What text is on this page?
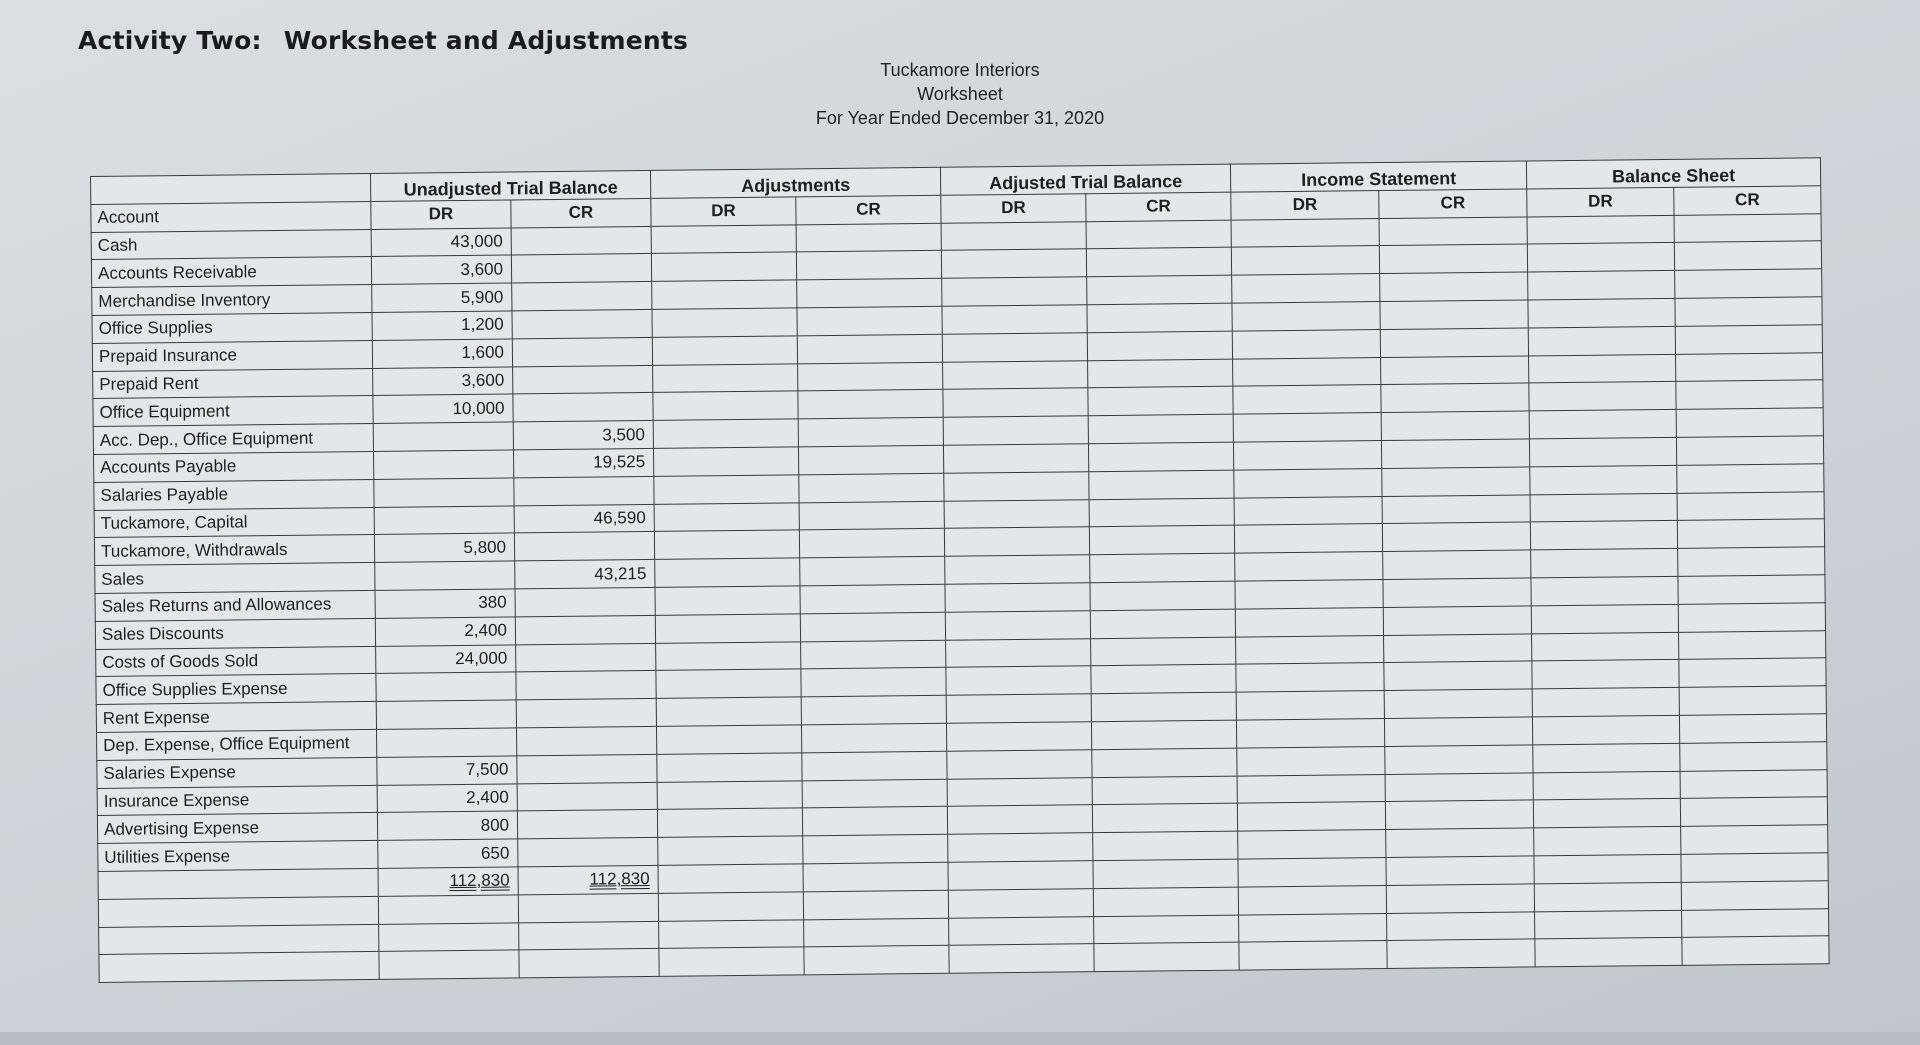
Activity Two: Worksheet and Adjustments
Tuckamore Interiors
Worksheet
For Year Ended December 31, 2020
	Unadjusted Trial Balance		Adjustments		Adjusted Trial Balance		Income Statement		Balance Sheet	
Account	DR	CR	DR	CR	DR	CR	DR	CR	DR	CR
Cash	43,000									
Accounts Receivable	3,600									
Merchandise Inventory	5,900									
Office Supplies	1,200									
Prepaid Insurance	1,600									
Prepaid Rent	3,600									
Office Equipment	10,000									
Acc. Dep., Office Equipment		3,500								
Accounts Payable		19,525								
Salaries Payable										
Tuckamore, Capital		46,590								
Tuckamore, Withdrawals	5,800									
Sales		43,215								
Sales Returns and Allowances	380									
Sales Discounts	2,400									
Costs of Goods Sold	24,000									
Office Supplies Expense										
Rent Expense										
Dep. Expense, Office Equipment										
Salaries Expense	7,500									
Insurance Expense	2,400									
Advertising Expense	800									
Utilities Expense	650									
	112,830	112,830								
